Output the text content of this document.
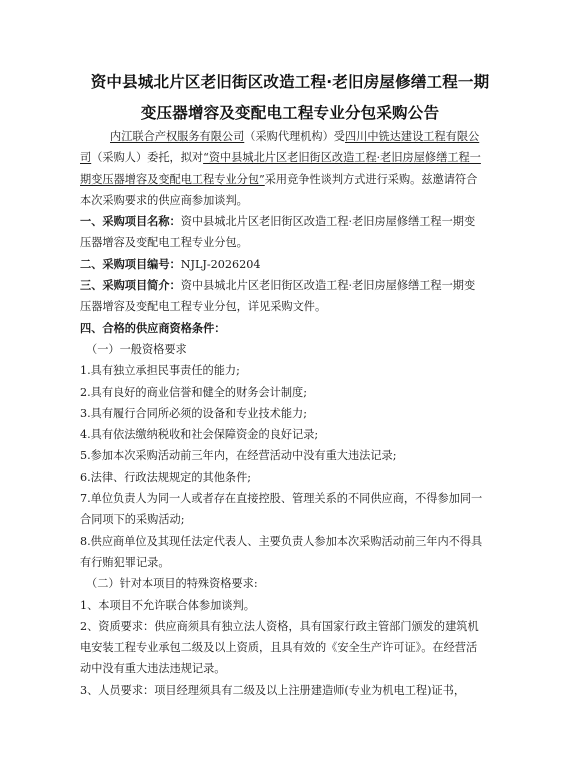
资中县城北片区老旧街区改造工程·老旧房屋修缮工程一期
变压器增容及变配电工程专业分包采购公告

内江联合产权服务有限公司（采购代理机构）受四川中铣达建设工程有限公司（采购人）委托，拟对“资中县城北片区老旧街区改造工程·老旧房屋修缮工程一期变压器增容及变配电工程专业分包”采用竞争性谈判方式进行采购。兹邀请符合本次采购要求的供应商参加谈判。

一、采购项目名称：资中县城北片区老旧街区改造工程·老旧房屋修缮工程一期变压器增容及变配电工程专业分包。

二、采购项目编号：NJLJ-2026204

三、采购项目简介：资中县城北片区老旧街区改造工程·老旧房屋修缮工程一期变压器增容及变配电工程专业分包，详见采购文件。

四、合格的供应商资格条件：

（一）一般资格要求

1.具有独立承担民事责任的能力;

2.具有良好的商业信誉和健全的财务会计制度;

3.具有履行合同所必须的设备和专业技术能力;

4.具有依法缴纳税收和社会保障资金的良好记录;

5.参加本次采购活动前三年内，在经营活动中没有重大违法记录;

6.法律、行政法规规定的其他条件;

7.单位负责人为同一人或者存在直接控股、管理关系的不同供应商，不得参加同一合同项下的采购活动;

8.供应商单位及其现任法定代表人、主要负责人参加本次采购活动前三年内不得具有行贿犯罪记录。

（二）针对本项目的特殊资格要求:

1、本项目不允许联合体参加谈判。

2、资质要求：供应商须具有独立法人资格，具有国家行政主管部门颁发的建筑机电安装工程专业承包二级及以上资质，且具有效的《安全生产许可证》。在经营活动中没有重大违法违规记录。

3、人员要求：项目经理须具有二级及以上注册建造师(专业为机电工程)证书，
